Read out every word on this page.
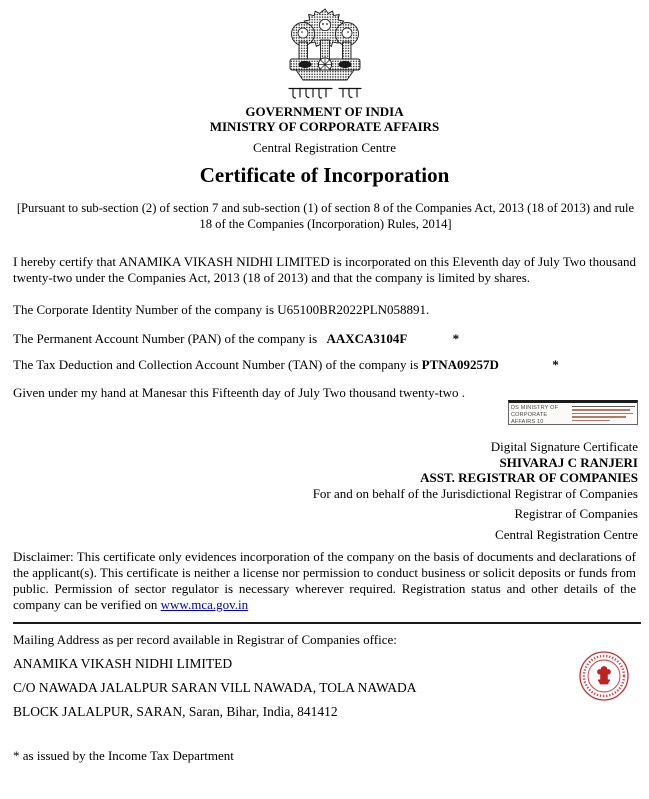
GOVERNMENT OF INDIA
MINISTRY OF CORPORATE AFFAIRS
Central Registration Centre
Certificate of Incorporation
[Pursuant to sub-section (2) of section 7 and sub-section (1) of section 8 of the Companies Act, 2013 (18 of 2013) and rule 18 of the Companies (Incorporation) Rules, 2014]

I hereby certify that ANAMIKA VIKASH NIDHI LIMITED is incorporated on this Eleventh day of July Two thousand twenty-two under the Companies Act, 2013 (18 of 2013) and that the company is limited by shares.

The Corporate Identity Number of the company is U65100BR2022PLN058891.

The Permanent Account Number (PAN) of the company is AAXCA3104F	*

The Tax Deduction and Collection Account Number (TAN) of the company is PTNA09257D	*

Given under my hand at Manesar this Fifteenth day of July Two thousand twenty-two .

DS MINISTRY OF CORPORATE AFFAIRS 10
Digital Signature Certificate
SHIVARAJ C RANJERI
ASST. REGISTRAR OF COMPANIES
For and on behalf of the Jurisdictional Registrar of Companies
Registrar of Companies
Central Registration Centre

Disclaimer: This certificate only evidences incorporation of the company on the basis of documents and declarations of the applicant(s). This certificate is neither a license nor permission to conduct business or solicit deposits or funds from public. Permission of sector regulator is necessary wherever required. Registration status and other details of the company can be verified on www.mca.gov.in

Mailing Address as per record available in Registrar of Companies office:

ANAMIKA VIKASH NIDHI LIMITED

C/O NAWADA JALALPUR SARAN VILL NAWADA, TOLA NAWADA

BLOCK JALALPUR, SARAN, Saran, Bihar, India, 841412

* as issued by the Income Tax Department
